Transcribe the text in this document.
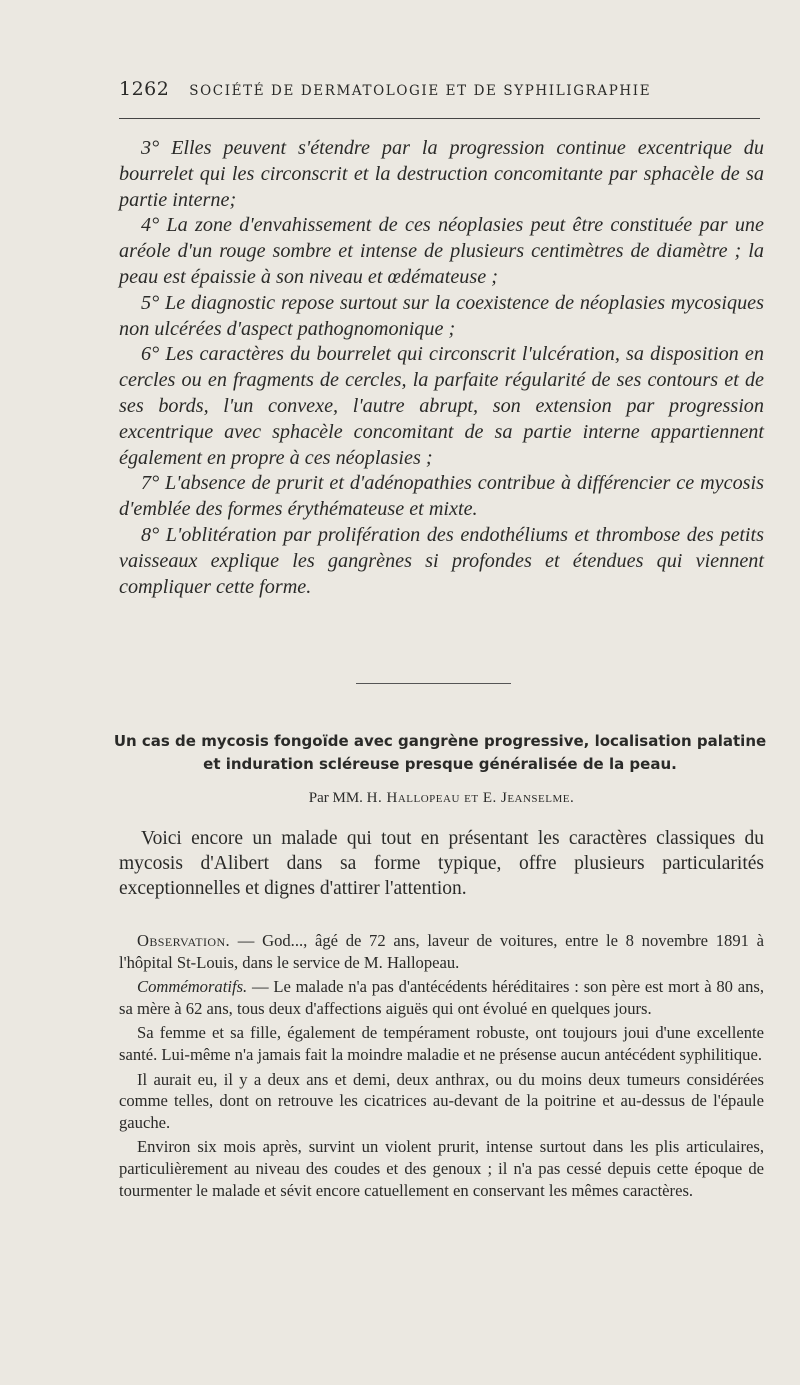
1262 SOCIÉTÉ DE DERMATOLOGIE ET DE SYPHILIGRAPHIE

3° Elles peuvent s'étendre par la progression continue excentrique du bourrelet qui les circonscrit et la destruction concomitante par sphacèle de sa partie interne;

4° La zone d'envahissement de ces néoplasies peut être constituée par une aréole d'un rouge sombre et intense de plusieurs centimètres de diamètre ; la peau est épaissie à son niveau et œdémateuse ;

5° Le diagnostic repose surtout sur la coexistence de néoplasies mycosiques non ulcérées d'aspect pathognomonique ;

6° Les caractères du bourrelet qui circonscrit l'ulcération, sa disposition en cercles ou en fragments de cercles, la parfaite régularité de ses contours et de ses bords, l'un convexe, l'autre abrupt, son extension par progression excentrique avec sphacèle concomitant de sa partie interne appartiennent également en propre à ces néoplasies ;

7° L'absence de prurit et d'adénopathies contribue à différencier ce mycosis d'emblée des formes érythémateuse et mixte.

8° L'oblitération par prolifération des endothéliums et thrombose des petits vaisseaux explique les gangrènes si profondes et étendues qui viennent compliquer cette forme.

Un cas de mycosis fongoïde avec gangrène progressive, localisation palatine et induration scléreuse presque généralisée de la peau.
Par MM. H. Hallopeau et E. Jeanselme.

Voici encore un malade qui tout en présentant les caractères classiques du mycosis d'Alibert dans sa forme typique, offre plusieurs particularités exceptionnelles et dignes d'attirer l'attention.

Observation. — God..., âgé de 72 ans, laveur de voitures, entre le 8 novembre 1891 à l'hôpital St-Louis, dans le service de M. Hallopeau.

Commémoratifs. — Le malade n'a pas d'antécédents héréditaires : son père est mort à 80 ans, sa mère à 62 ans, tous deux d'affections aiguës qui ont évolué en quelques jours.

Sa femme et sa fille, également de tempérament robuste, ont toujours joui d'une excellente santé. Lui-même n'a jamais fait la moindre maladie et ne présense aucun antécédent syphilitique.

Il aurait eu, il y a deux ans et demi, deux anthrax, ou du moins deux tumeurs considérées comme telles, dont on retrouve les cicatrices au-devant de la poitrine et au-dessus de l'épaule gauche.

Environ six mois après, survint un violent prurit, intense surtout dans les plis articulaires, particulièrement au niveau des coudes et des genoux ; il n'a pas cessé depuis cette époque de tourmenter le malade et sévit encore catuellement en conservant les mêmes caractères.
